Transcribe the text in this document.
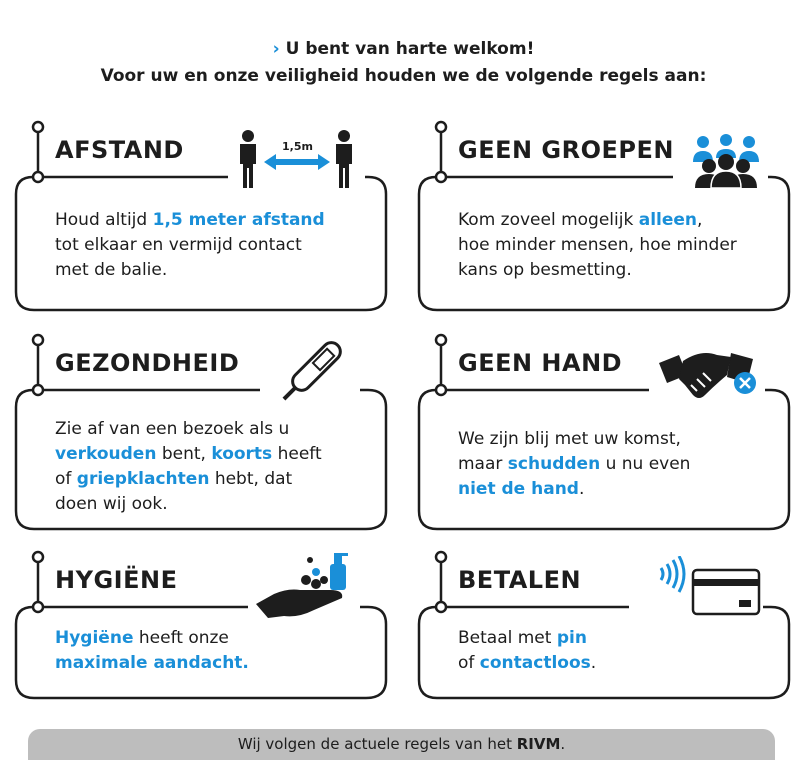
› U bent van harte welkom!
Voor uw en onze veiligheid houden we de volgende regels aan:
AFSTAND	1,5m
Houd altijd 1,5 meter afstand
tot elkaar en vermijd contact
met de balie.
GEEN GROEPEN
Kom zoveel mogelijk alleen,
hoe minder mensen, hoe minder
kans op besmetting.
GEZONDHEID
Zie af van een bezoek als u
verkouden bent, koorts heeft
of griepklachten hebt, dat
doen wij ook.
GEEN HAND
We zijn blij met uw komst,
maar schudden u nu even
niet de hand.
HYGIËNE
Hygiëne heeft onze
maximale aandacht.
BETALEN
Betaal met pin
of contactloos.
Wij volgen de actuele regels van het RIVM.
